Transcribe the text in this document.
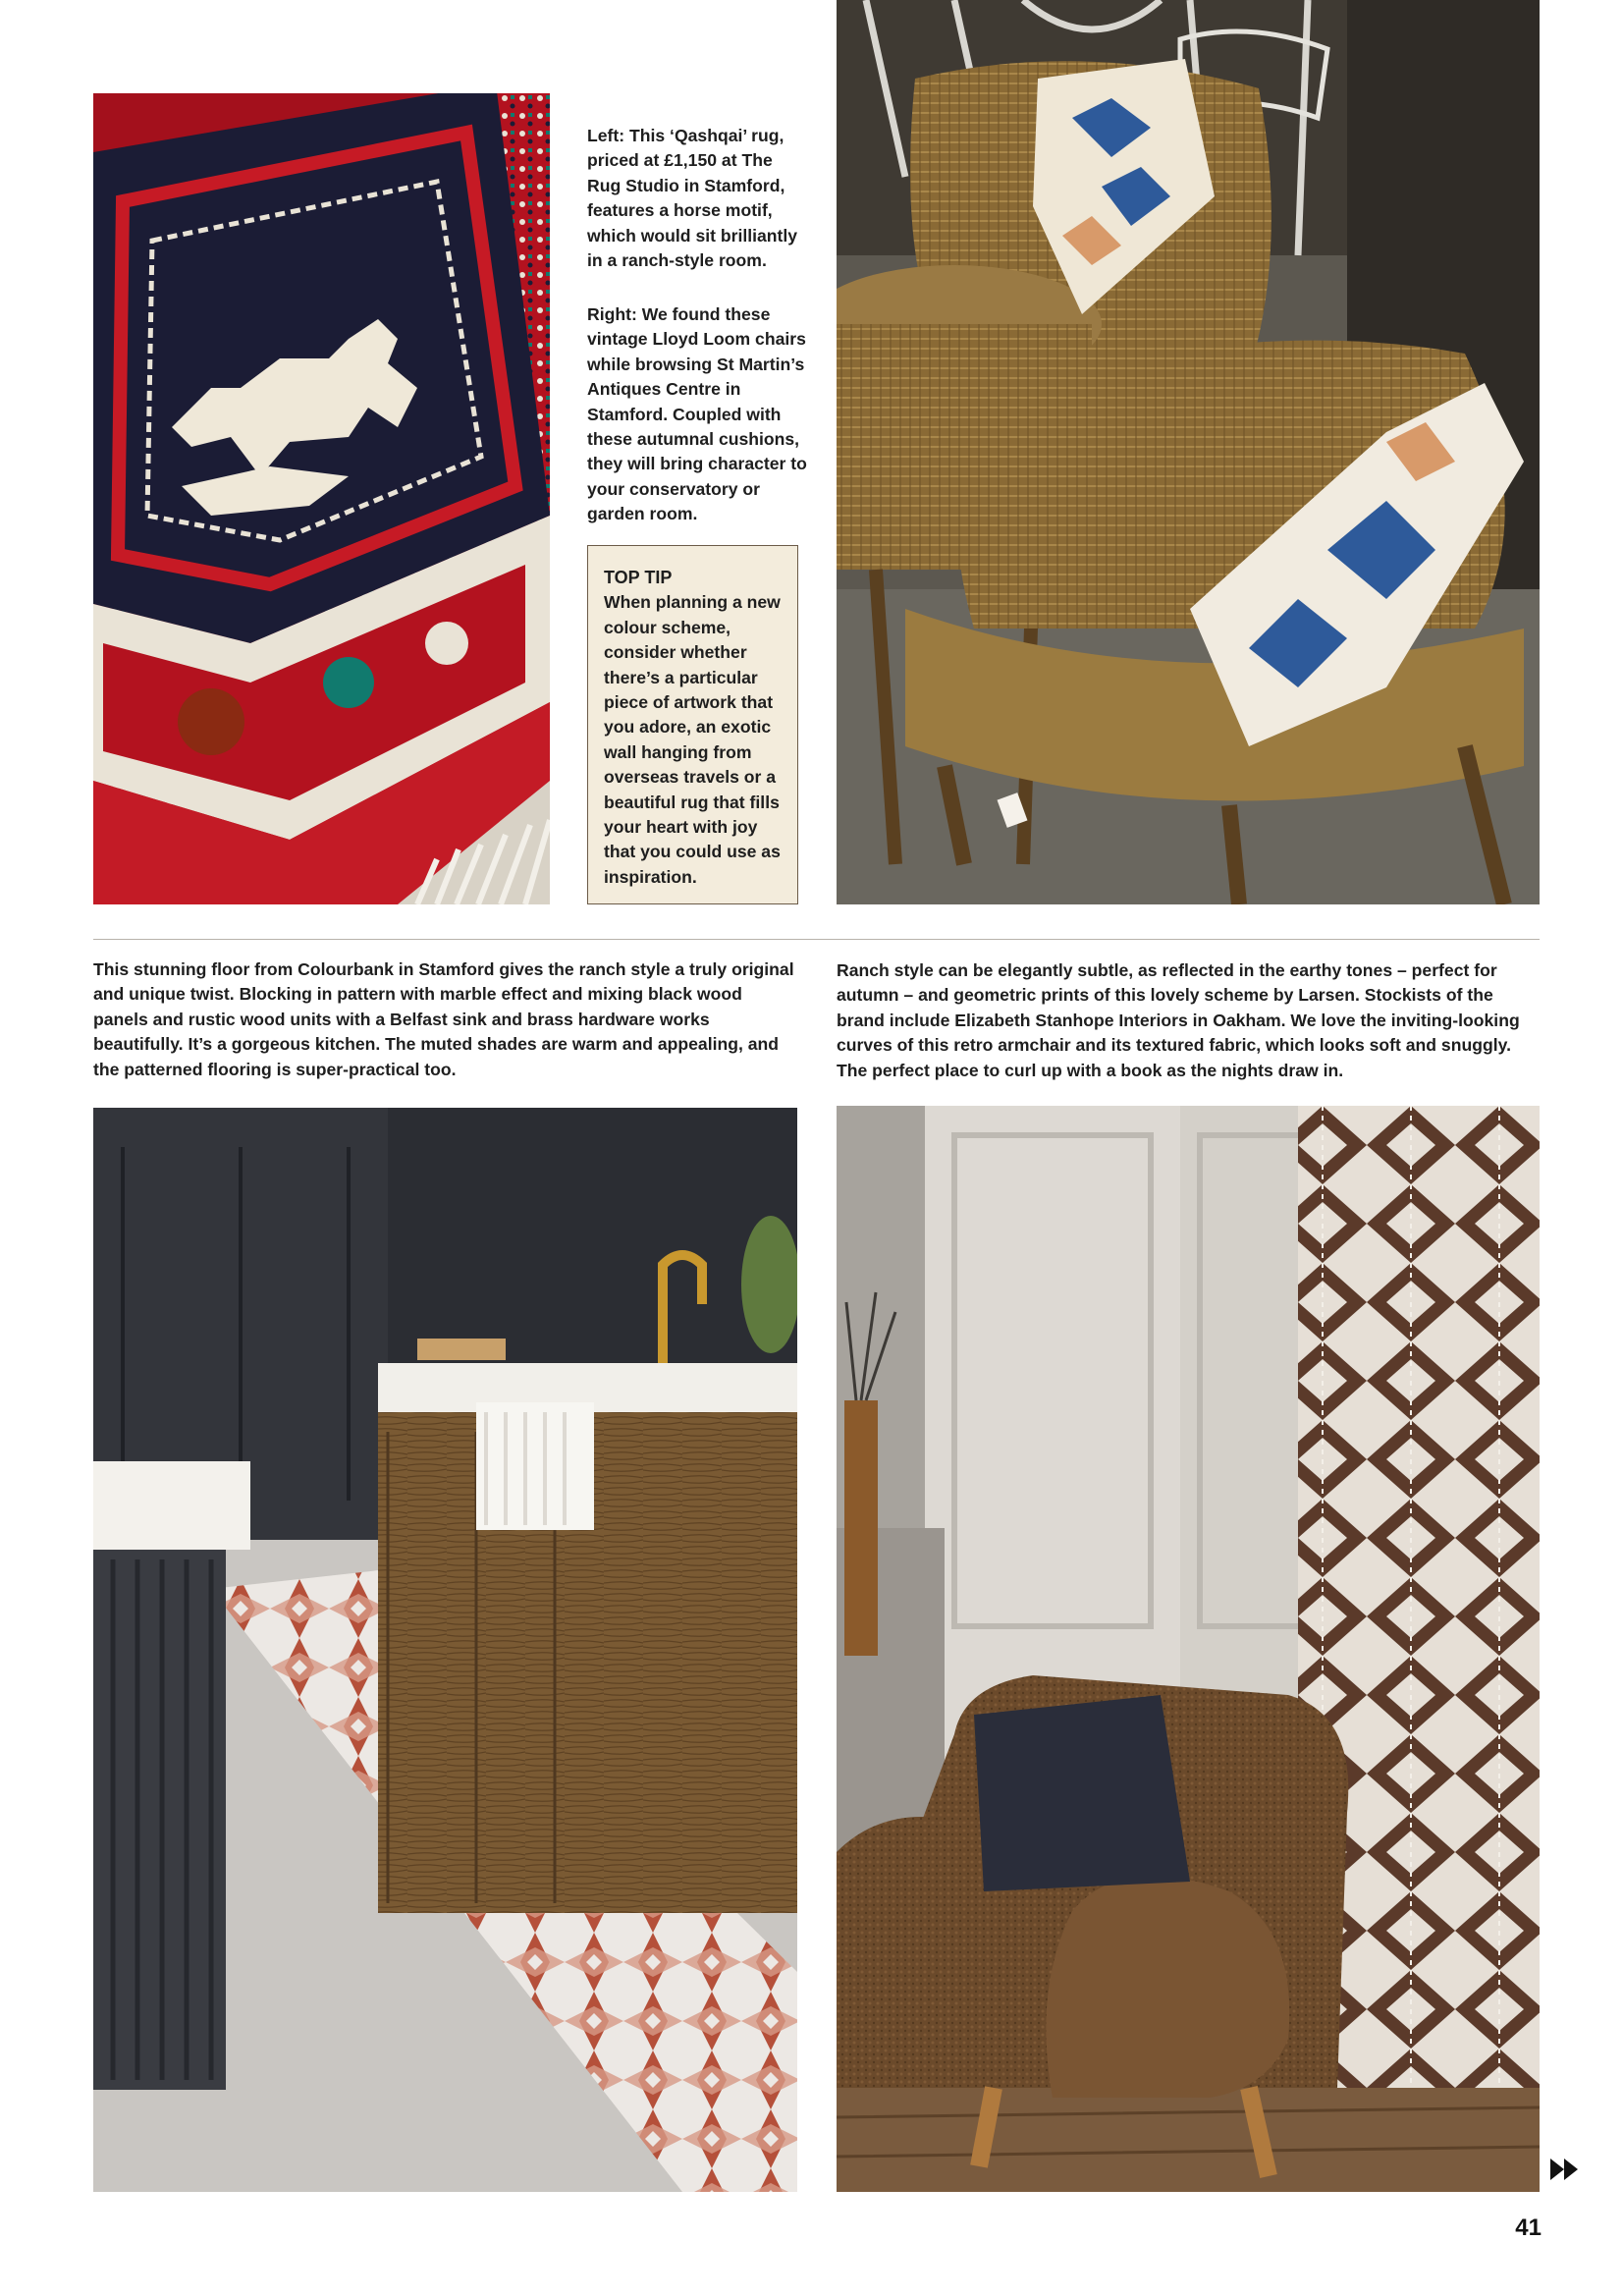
Left: This ‘Qashqai’ rug, priced at £1,150 at The Rug Studio in Stamford, features a horse motif, which would sit brilliantly in a ranch-style room.

Right: We found these vintage Lloyd Loom chairs while browsing St Martin’s Antiques Centre in Stamford. Coupled with these autumnal cushions, they will bring character to your conservatory or garden room.

TOP TIP
When planning a new colour scheme, consider whether there’s a particular piece of artwork that you adore, an exotic wall hanging from overseas travels or a beautiful rug that fills your heart with joy that you could use as inspiration.

This stunning floor from Colourbank in Stamford gives the ranch style a truly original and unique twist. Blocking in pattern with marble effect and mixing black wood panels and rustic wood units with a Belfast sink and brass hardware works beautifully. It’s a gorgeous kitchen. The muted shades are warm and appealing, and the patterned flooring is super-practical too.

Ranch style can be elegantly subtle, as reflected in the earthy tones – perfect for autumn – and geometric prints of this lovely scheme by Larsen. Stockists of the brand include Elizabeth Stanhope Interiors in Oakham. We love the inviting-looking curves of this retro armchair and its textured fabric, which looks soft and snuggly. The perfect place to curl up with a book as the nights draw in.

41
